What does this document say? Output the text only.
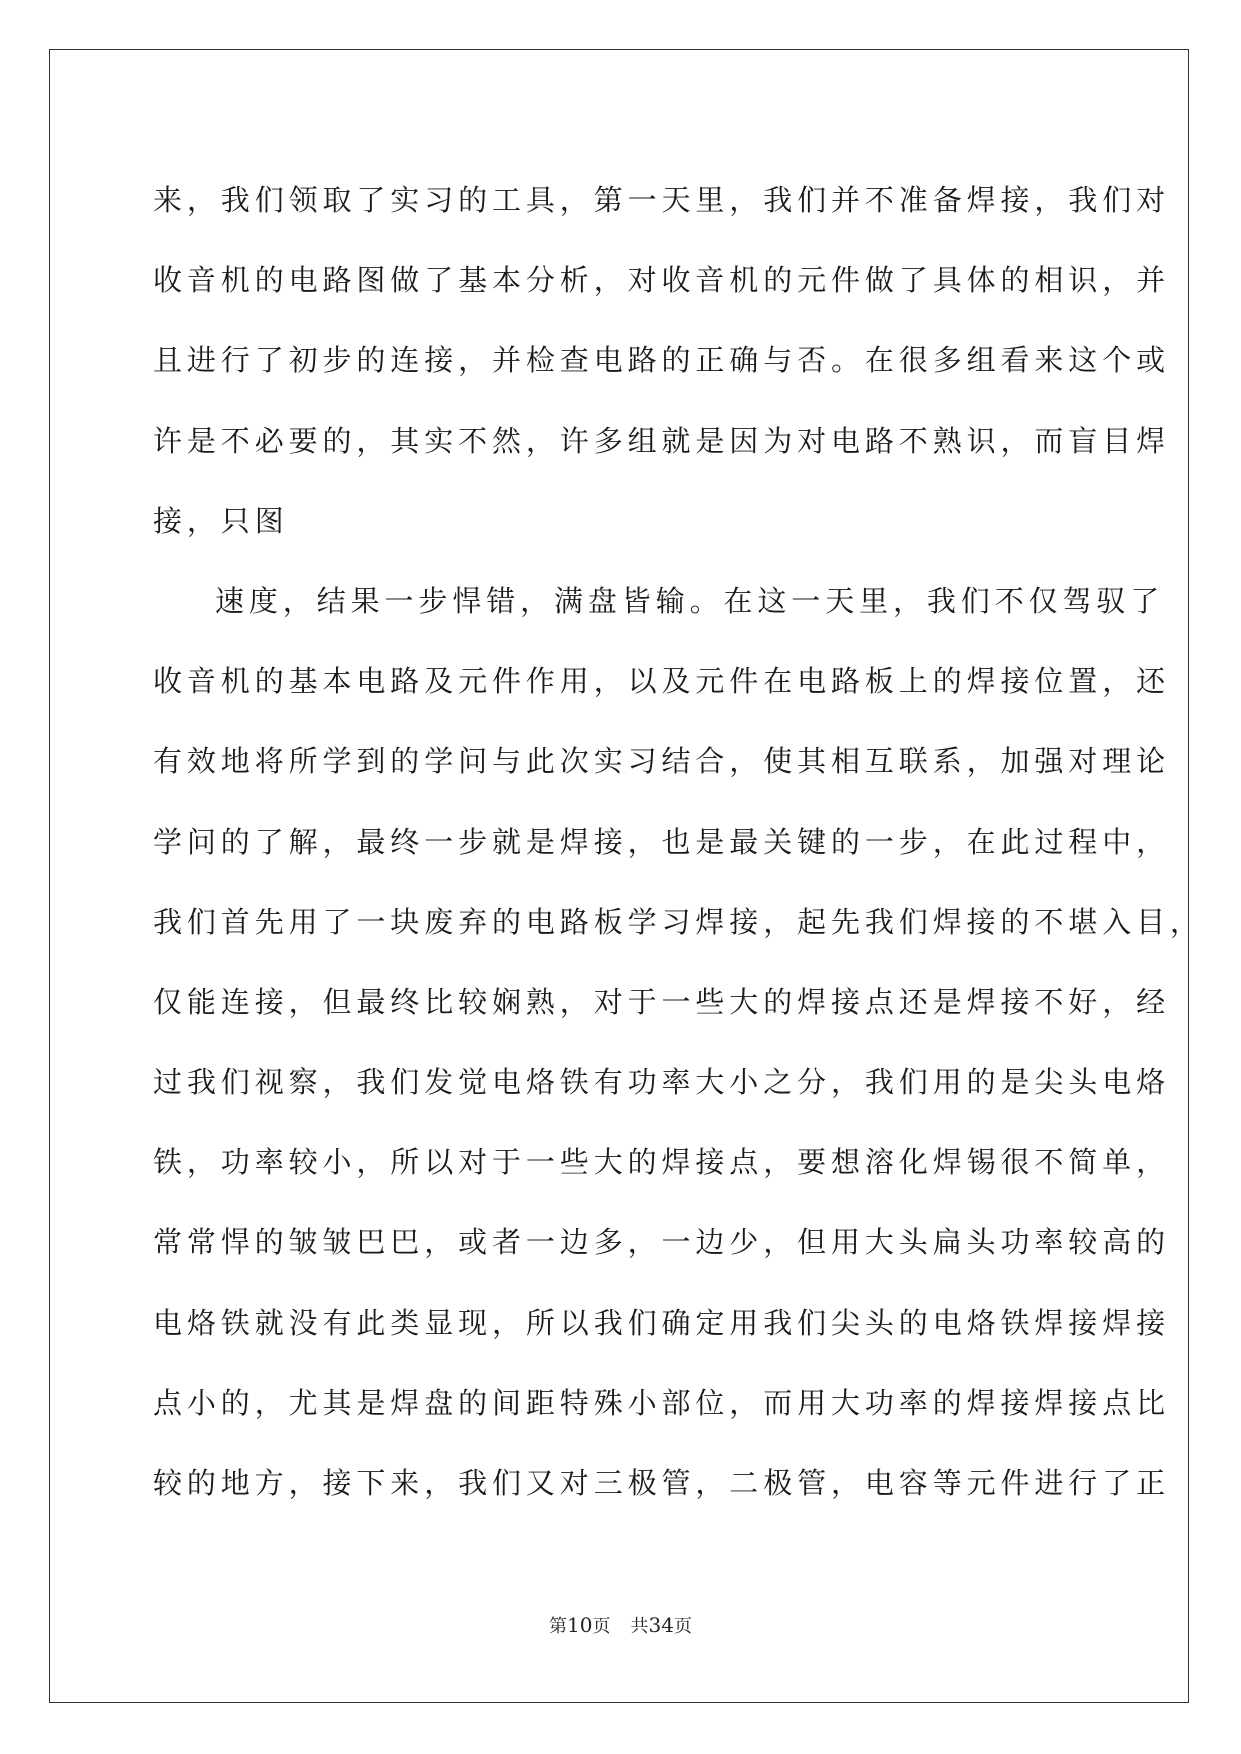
来，我们领取了实习的工具，第一天里，我们并不准备焊接，我们对

收音机的电路图做了基本分析，对收音机的元件做了具体的相识，并

且进行了初步的连接，并检查电路的正确与否。在很多组看来这个或

许是不必要的，其实不然，许多组就是因为对电路不熟识，而盲目焊

接，只图

速度，结果一步悍错，满盘皆输。在这一天里，我们不仅驾驭了

收音机的基本电路及元件作用，以及元件在电路板上的焊接位置，还

有效地将所学到的学问与此次实习结合，使其相互联系，加强对理论

学问的了解，最终一步就是焊接，也是最关键的一步，在此过程中，

我们首先用了一块废弃的电路板学习焊接，起先我们焊接的不堪入目，

仅能连接，但最终比较娴熟，对于一些大的焊接点还是焊接不好，经

过我们视察，我们发觉电烙铁有功率大小之分，我们用的是尖头电烙

铁，功率较小，所以对于一些大的焊接点，要想溶化焊锡很不简单，

常常悍的皱皱巴巴，或者一边多，一边少，但用大头扁头功率较高的

电烙铁就没有此类显现，所以我们确定用我们尖头的电烙铁焊接焊接

点小的，尤其是焊盘的间距特殊小部位，而用大功率的焊接焊接点比

较的地方，接下来，我们又对三极管，二极管，电容等元件进行了正

第10页 共34页
